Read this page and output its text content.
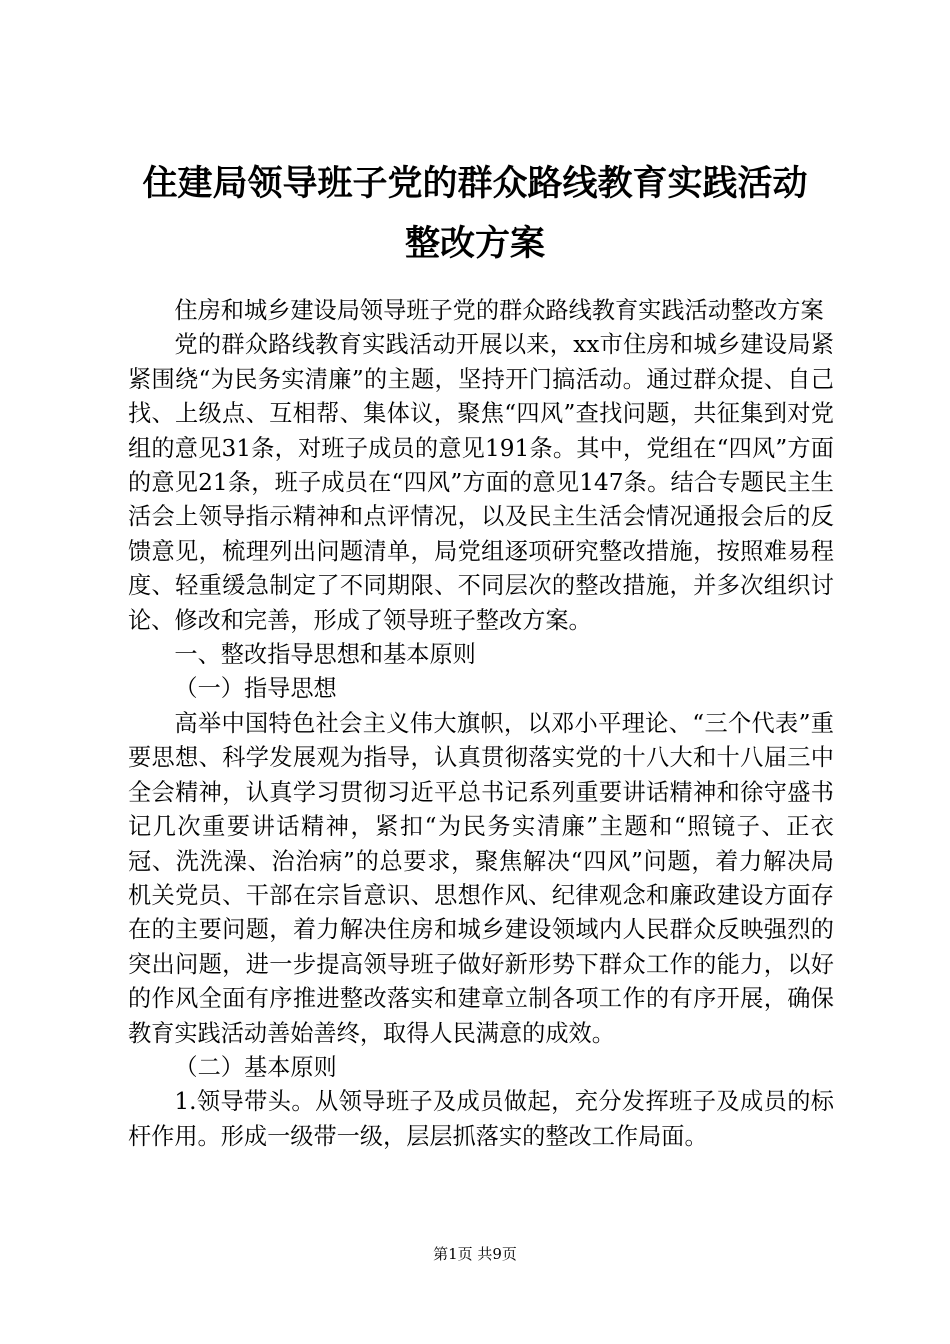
住建局领导班子党的群众路线教育实践活动整改方案

住房和城乡建设局领导班子党的群众路线教育实践活动整改方案

党的群众路线教育实践活动开展以来，xx市住房和城乡建设局紧紧围绕“为民务实清廉”的主题，坚持开门搞活动。通过群众提、自己找、上级点、互相帮、集体议，聚焦“四风”查找问题，共征集到对党组的意见31条，对班子成员的意见191条。其中，党组在“四风”方面的意见21条，班子成员在“四风”方面的意见147条。结合专题民主生活会上领导指示精神和点评情况，以及民主生活会情况通报会后的反馈意见，梳理列出问题清单，局党组逐项研究整改措施，按照难易程度、轻重缓急制定了不同期限、不同层次的整改措施，并多次组织讨论、修改和完善，形成了领导班子整改方案。

一、整改指导思想和基本原则

（一）指导思想

高举中国特色社会主义伟大旗帜，以邓小平理论、“三个代表”重要思想、科学发展观为指导，认真贯彻落实党的十八大和十八届三中全会精神，认真学习贯彻习近平总书记系列重要讲话精神和徐守盛书记几次重要讲话精神，紧扣“为民务实清廉”主题和“照镜子、正衣冠、洗洗澡、治治病”的总要求，聚焦解决“四风”问题，着力解决局机关党员、干部在宗旨意识、思想作风、纪律观念和廉政建设方面存在的主要问题，着力解决住房和城乡建设领域内人民群众反映强烈的突出问题，进一步提高领导班子做好新形势下群众工作的能力，以好的作风全面有序推进整改落实和建章立制各项工作的有序开展，确保教育实践活动善始善终，取得人民满意的成效。

（二）基本原则

1.领导带头。从领导班子及成员做起，充分发挥班子及成员的标杆作用。形成一级带一级，层层抓落实的整改工作局面。

第1页 共9页
